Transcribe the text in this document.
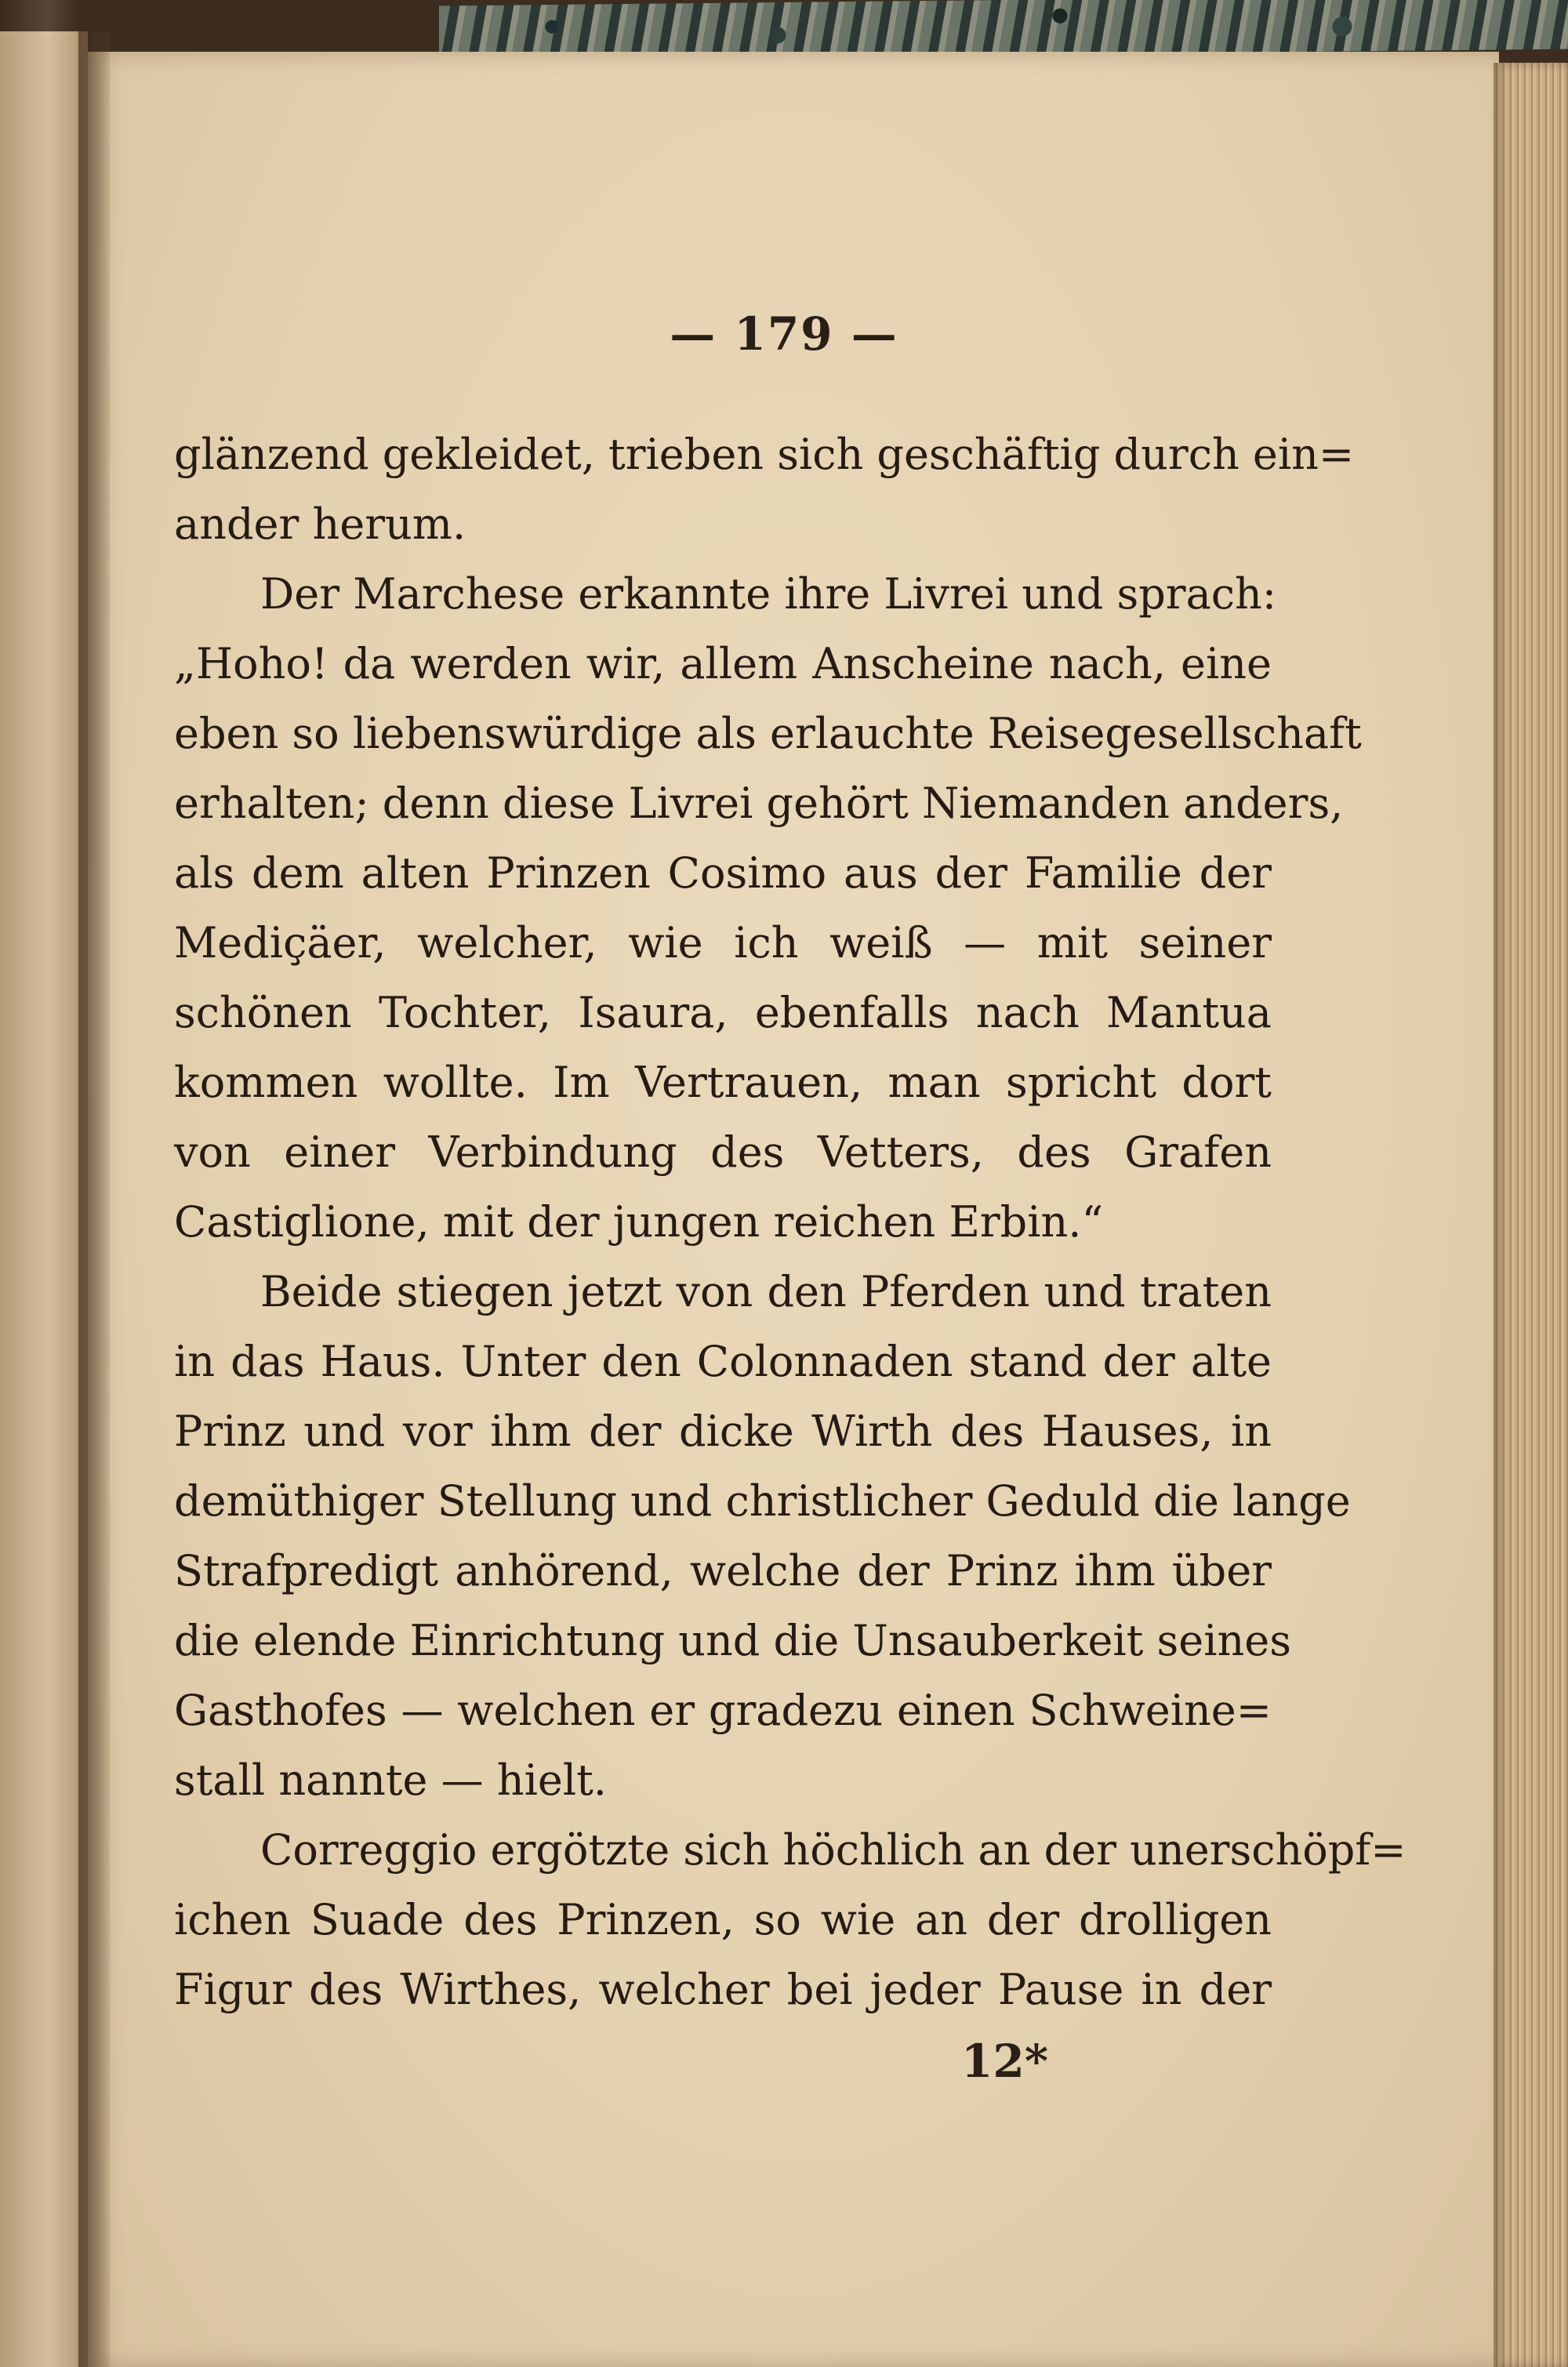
— 179 —
glänzend gekleidet, trieben sich geschäftig durch ein=
ander herum.
Der Marchese erkannte ihre Livrei und sprach:
„Hoho! da werden wir, allem Anscheine nach, eine
eben so liebenswürdige als erlauchte Reisegesellschaft
erhalten; denn diese Livrei gehört Niemanden anders,
als dem alten Prinzen Cosimo aus der Familie der
Mediçäer, welcher, wie ich weiß — mit seiner
schönen Tochter, Isaura, ebenfalls nach Mantua
kommen wollte. Im Vertrauen, man spricht dort
von einer Verbindung des Vetters, des Grafen
Castiglione, mit der jungen reichen Erbin.“
Beide stiegen jetzt von den Pferden und traten
in das Haus. Unter den Colonnaden stand der alte
Prinz und vor ihm der dicke Wirth des Hauses, in
demüthiger Stellung und christlicher Geduld die lange
Strafpredigt anhörend, welche der Prinz ihm über
die elende Einrichtung und die Unsauberkeit seines
Gasthofes — welchen er gradezu einen Schweine=
stall nannte — hielt.
Correggio ergötzte sich höchlich an der unerschöpf=
ichen Suade des Prinzen, so wie an der drolligen
Figur des Wirthes, welcher bei jeder Pause in der
12*
